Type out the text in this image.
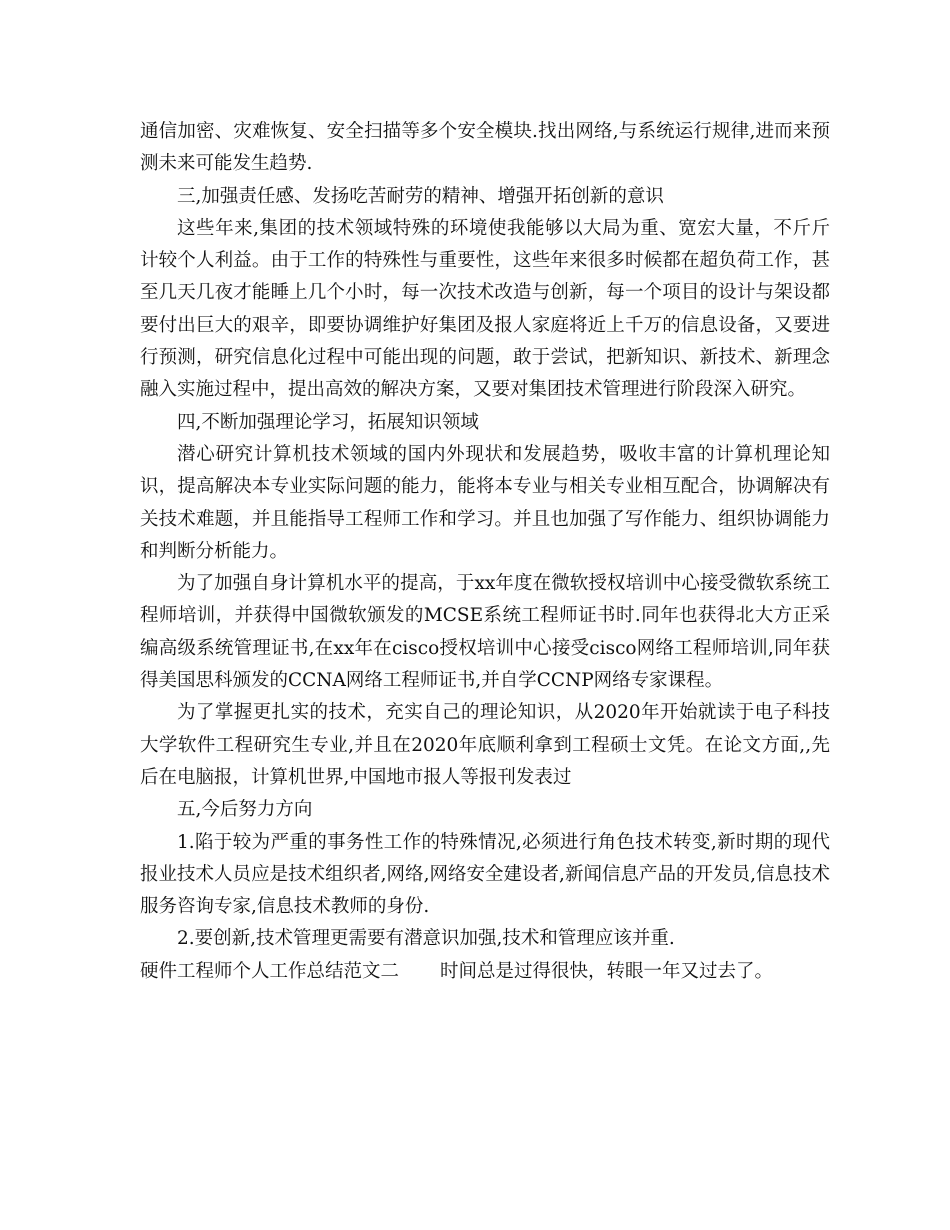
通信加密、灾难恢复、安全扫描等多个安全模块.找出网络,与系统运行规律,进而来预测未来可能发生趋势.

三,加强责任感、发扬吃苦耐劳的精神、增强开拓创新的意识

这些年来,集团的技术领域特殊的环境使我能够以大局为重、宽宏大量，不斤斤计较个人利益。由于工作的特殊性与重要性，这些年来很多时候都在超负荷工作，甚至几天几夜才能睡上几个小时，每一次技术改造与创新，每一个项目的设计与架设都要付出巨大的艰辛，即要协调维护好集团及报人家庭将近上千万的信息设备，又要进行预测，研究信息化过程中可能出现的问题，敢于尝试，把新知识、新技术、新理念融入实施过程中，提出高效的解决方案，又要对集团技术管理进行阶段深入研究。

四,不断加强理论学习，拓展知识领域

潜心研究计算机技术领域的国内外现状和发展趋势，吸收丰富的计算机理论知识，提高解决本专业实际问题的能力，能将本专业与相关专业相互配合，协调解决有关技术难题，并且能指导工程师工作和学习。并且也加强了写作能力、组织协调能力和判断分析能力。

为了加强自身计算机水平的提高，于xx年度在微软授权培训中心接受微软系统工程师培训，并获得中国微软颁发的MCSE系统工程师证书时.同年也获得北大方正采编高级系统管理证书,在xx年在cisco授权培训中心接受cisco网络工程师培训,同年获得美国思科颁发的CCNA网络工程师证书,并自学CCNP网络专家课程。

为了掌握更扎实的技术，充实自己的理论知识，从2020年开始就读于电子科技大学软件工程研究生专业,并且在2020年底顺利拿到工程硕士文凭。在论文方面,,先后在电脑报，计算机世界,中国地市报人等报刊发表过

五,今后努力方向

1.陷于较为严重的事务性工作的特殊情况,必须进行角色技术转变,新时期的现代报业技术人员应是技术组织者,网络,网络安全建设者,新闻信息产品的开发员,信息技术服务咨询专家,信息技术教师的身份.

2.要创新,技术管理更需要有潜意识加强,技术和管理应该并重.

硬件工程师个人工作总结范文二	时间总是过得很快，转眼一年又过去了。
